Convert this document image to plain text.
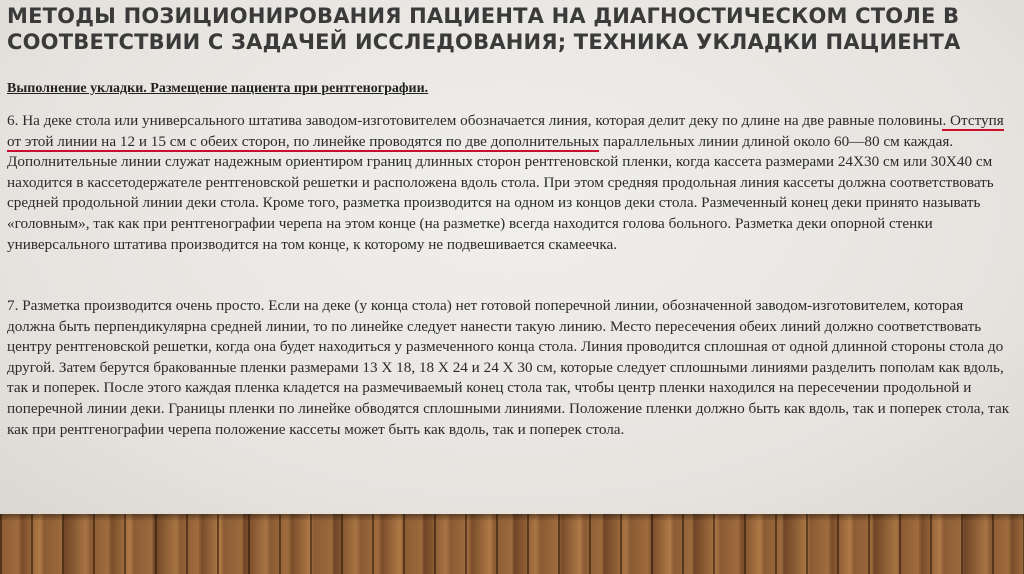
МЕТОДЫ ПОЗИЦИОНИРОВАНИЯ ПАЦИЕНТА НА ДИАГНОСТИЧЕСКОМ СТОЛЕ В СООТВЕТСТВИИ С ЗАДАЧЕЙ ИССЛЕДОВАНИЯ; ТЕХНИКА УКЛАДКИ ПАЦИЕНТА
Выполнение укладки. Размещение пациента при рентгенографии.

6. На деке стола или универсального штатива заводом-изготовителем обозначается линия, которая делит деку по длине на две равные половины. Отступя от этой линии на 12 и 15 см с обеих сторон, по линейке проводятся по две дополнительных параллельных линии длиной около 60—80 см каждая. Дополнительные линии служат надежным ориентиром границ длинных сторон рентгеновской пленки, когда кассета размерами 24Х30 см или 30Х40 см находится в кассетодержателе рентгеновской решетки и расположена вдоль стола. При этом средняя продольная линия кассеты должна соответствовать средней продольной линии деки стола. Кроме того, разметка производится на одном из концов деки стола. Размеченный конец деки принято называть «головным», так как при рентгенографии черепа на этом конце (на разметке) всегда находится голова больного. Разметка деки опорной стенки универсального штатива производится на том конце, к которому не подвешивается скамеечка.

7. Разметка производится очень просто. Если на деке (у конца стола) нет готовой поперечной линии, обозначенной заводом-изготовителем, которая должна быть перпендикулярна средней линии, то по линейке следует нанести такую линию. Место пересечения обеих линий должно соответствовать центру рентгеновской решетки, когда она будет находиться у размеченного конца стола. Линия проводится сплошная от одной длинной стороны стола до другой. Затем берутся бракованные пленки размерами 13 Х 18, 18 Х 24 и 24 Х 30 см, которые следует сплошными линиями разделить пополам как вдоль, так и поперек. После этого каждая пленка кладется на размечиваемый конец стола так, чтобы центр пленки находился на пересечении продольной и поперечной линии деки. Границы пленки по линейке обводятся сплошными линиями. Положение пленки должно быть как вдоль, так и поперек стола, так как при рентгенографии черепа положение кассеты может быть как вдоль, так и поперек стола.
